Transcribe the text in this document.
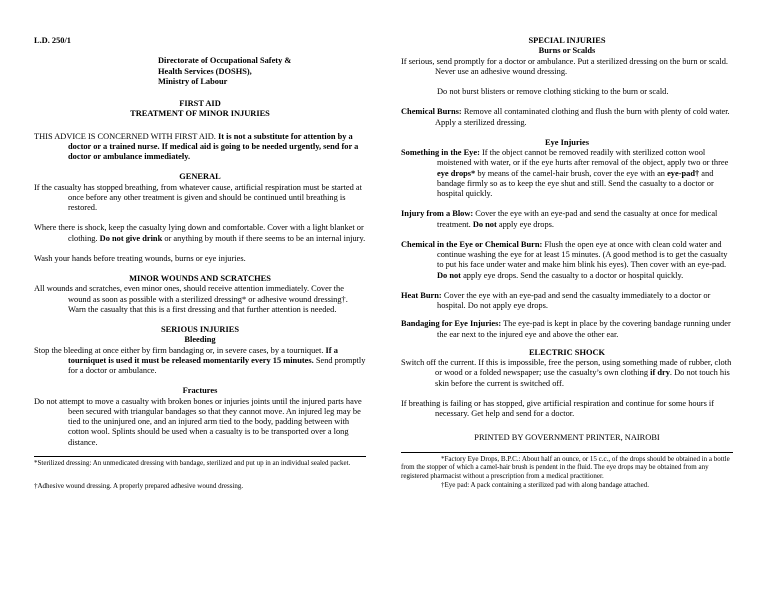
L.D. 250/1

Directorate of Occupational Safety &
Health Services (DOSHS),
Ministry of Labour
FIRST AID
TREATMENT OF MINOR INJURIES

THIS ADVICE IS CONCERNED WITH FIRST AID. It is not a substitute for attention by a doctor or a trained nurse. If medical aid is going to be needed urgently, send for a doctor or ambulance immediately.

GENERAL

If the casualty has stopped breathing, from whatever cause, artificial respiration must be started at once before any other treatment is given and should be continued until breathing is restored.

Where there is shock, keep the casualty lying down and comfortable. Cover with a light blanket or clothing. Do not give drink or anything by mouth if there seems to be an internal injury.

Wash your hands before treating wounds, burns or eye injuries.

MINOR WOUNDS AND SCRATCHES

All wounds and scratches, even minor ones, should receive attention immediately. Cover the wound as soon as possible with a sterilized dressing* or adhesive wound dressing†. Warn the casualty that this is a first dressing and that further attention is needed.

SERIOUS INJURIES
Bleeding

Stop the bleeding at once either by firm bandaging or, in severe cases, by a tourniquet. If a tourniquet is used it must be released momentarily every 15 minutes. Send promptly for a doctor or ambulance.

Fractures

Do not attempt to move a casualty with broken bones or injuries joints until the injured parts have been secured with triangular bandages so that they cannot move. An injured leg may be tied to the uninjured one, and an injured arm tied to the body, padding between with cotton wool. Splints should be used when a casualty is to be transported over a long distance.

*Sterilized dressing: An unmedicated dressing with bandage, sterilized and put up in an individual sealed packet.

†Adhesive wound dressing. A properly prepared adhesive wound dressing.

SPECIAL INJURIES
Burns or Scalds

If serious, send promptly for a doctor or ambulance. Put a sterilized dressing on the burn or scald. Never use an adhesive wound dressing.

Do not burst blisters or remove clothing sticking to the burn or scald.

Chemical Burns: Remove all contaminated clothing and flush the burn with plenty of cold water. Apply a sterilized dressing.

Eye Injuries

Something in the Eye: If the object cannot be removed readily with sterilized cotton wool moistened with water, or if the eye hurts after removal of the object, apply two or three eye drops* by means of the camel-hair brush, cover the eye with an eye-pad† and bandage firmly so as to keep the eye shut and still. Send the casualty to a doctor or hospital quickly.

Injury from a Blow: Cover the eye with an eye-pad and send the casualty at once for medical treatment. Do not apply eye drops.

Chemical in the Eye or Chemical Burn: Flush the open eye at once with clean cold water and continue washing the eye for at least 15 minutes. (A good method is to get the casualty to put his face under water and make him blink his eyes). Then cover with an eye-pad. Do not apply eye drops. Send the casualty to a doctor or hospital quickly.

Heat Burn: Cover the eye with an eye-pad and send the casualty immediately to a doctor or hospital. Do not apply eye drops.

Bandaging for Eye Injuries: The eye-pad is kept in place by the covering bandage running under the ear next to the injured eye and above the other ear.

ELECTRIC SHOCK

Switch off the current. If this is impossible, free the person, using something made of rubber, cloth or wood or a folded newspaper; use the casualty’s own clothing if dry. Do not touch his skin before the current is switched off.

If breathing is failing or has stopped, give artificial respiration and continue for some hours if necessary. Get help and send for a doctor.

PRINTED BY GOVERNMENT PRINTER, NAIROBI

*Factory Eye Drops, B.P.C.: About half an ounce, or 15 c.c., of the drops should be obtained in a bottle from the stopper of which a camel-hair brush is pendent in the fluid. The eye drops may be obtained from any registered pharmacist without a prescription from a medical practitioner.

†Eye pad: A pack containing a sterilized pad with along bandage attached.
